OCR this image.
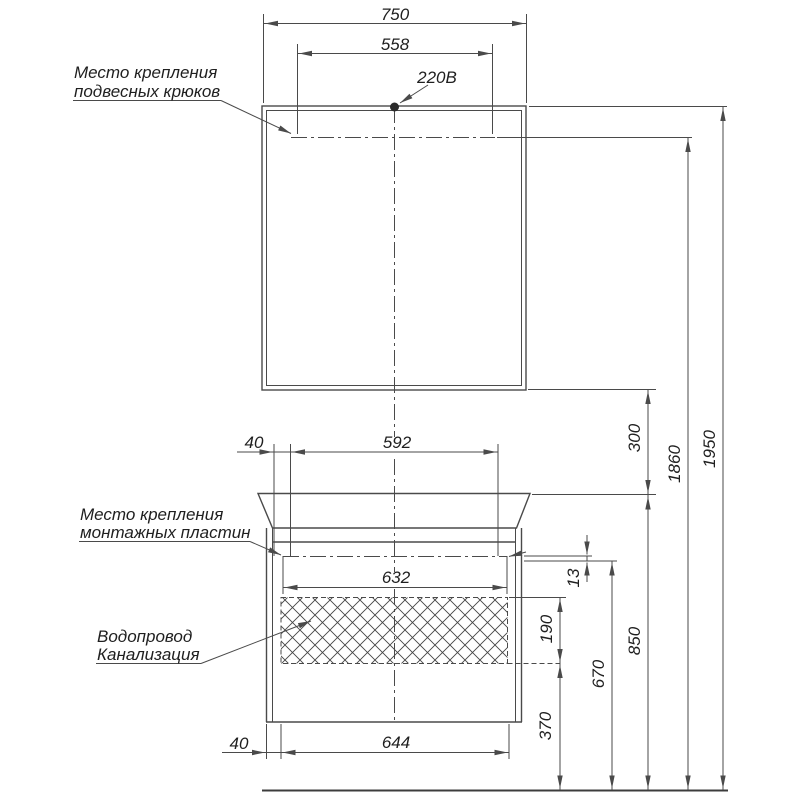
750
558
220В
40	592
632
40	644
300
850
1860 1950
670
190
370
13
Место крепления
подвесных крюков
Место крепления
монтажных пластин
Водопровод
Канализация
